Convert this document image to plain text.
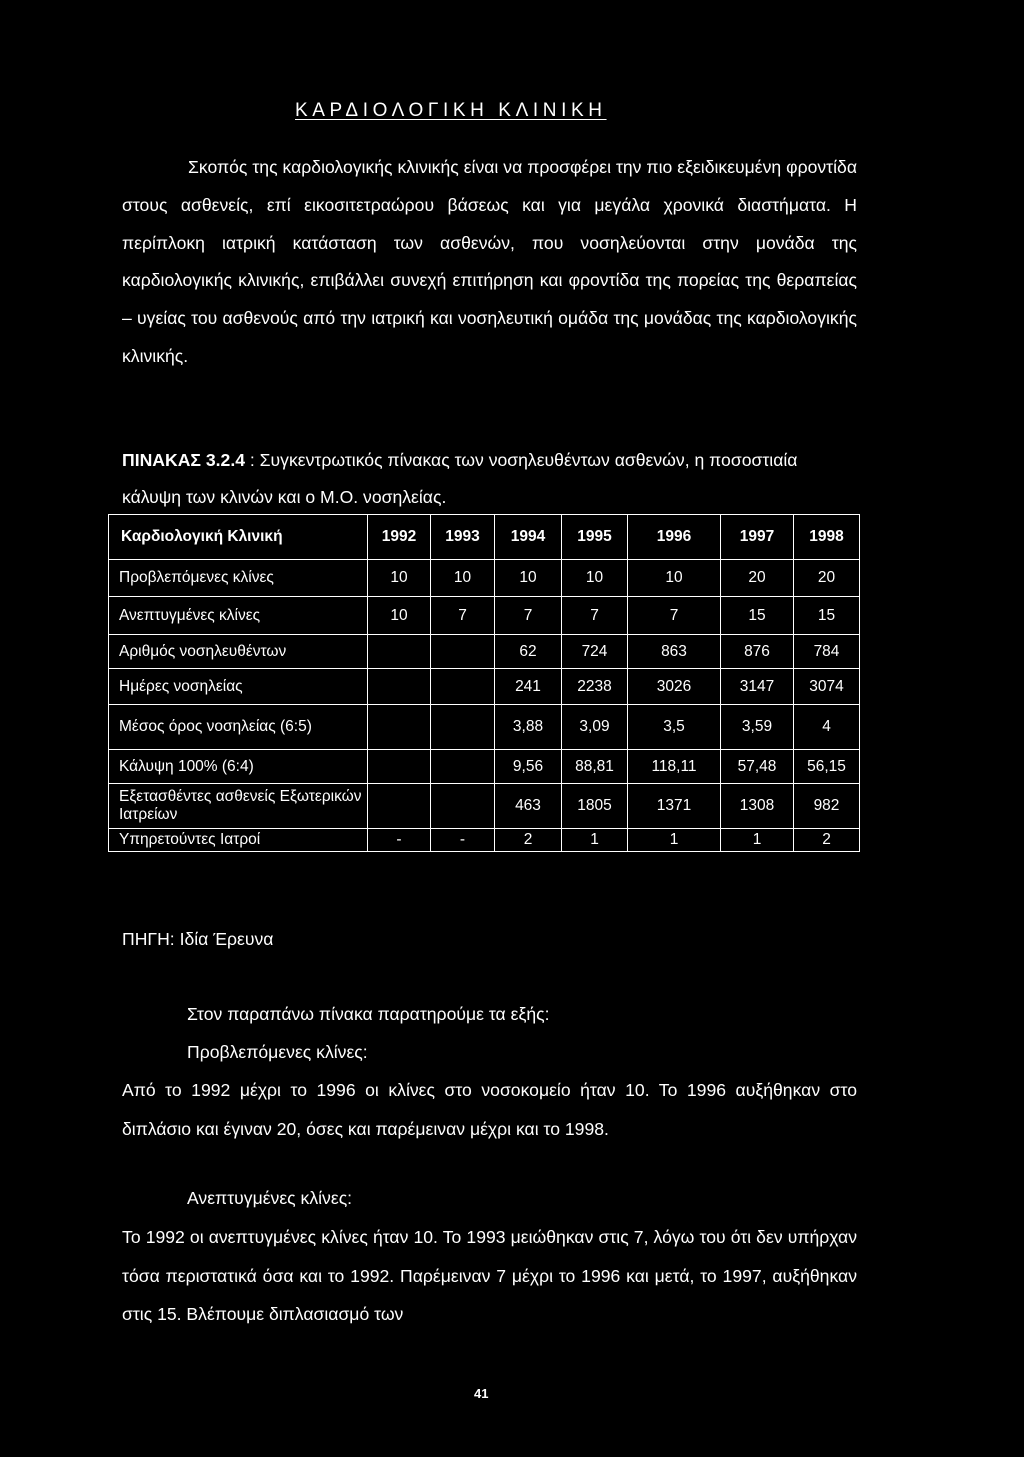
ΚΑΡΔΙΟΛΟΓΙΚΗ ΚΛΙΝΙΚΗ

Σκοπός της καρδιολογικής κλινικής είναι να προσφέρει την πιο εξειδικευμένη φροντίδα στους ασθενείς, επί εικοσιτετραώρου βάσεως και για μεγάλα χρονικά διαστήματα. Η περίπλοκη ιατρική κατάσταση των ασθενών, που νοσηλεύονται στην μονάδα της καρδιολογικής κλινικής, επιβάλλει συνεχή επιτήρηση και φροντίδα της πορείας της θεραπείας – υγείας του ασθενούς από την ιατρική και νοσηλευτική ομάδα της μονάδας της καρδιολογικής κλινικής.

ΠΙΝΑΚΑΣ 3.2.4 : Συγκεντρωτικός πίνακας των νοσηλευθέντων ασθενών, η ποσοστιαία κάλυψη των κλινών και ο Μ.Ο. νοσηλείας.

Καρδιολογική Κλινική	1992	1993	1994	1995	1996	1997	1998
Προβλεπόμενες κλίνες	10	10	10	10	10	20	20
Ανεπτυγμένες κλίνες	10	7	7	7	7	15	15
Αριθμός νοσηλευθέντων			62	724	863	876	784
Ημέρες νοσηλείας			241	2238	3026	3147	3074
Μέσος όρος νοσηλείας (6:5)			3,88	3,09	3,5	3,59	4
Κάλυψη 100% (6:4)			9,56	88,81	118,11	57,48	56,15
Εξετασθέντες ασθενείς Εξωτερικών Ιατρείων			463	1805	1371	1308	982
Υπηρετούντες Ιατροί	-	-	2	1	1	1	2
ΠΗΓΗ: Ιδία Έρευνα
Στον παραπάνω πίνακα παρατηρούμε τα εξής:
Προβλεπόμενες κλίνες:

Από το 1992 μέχρι το 1996 οι κλίνες στο νοσοκομείο ήταν 10. Το 1996 αυξήθηκαν στο διπλάσιο και έγιναν 20, όσες και παρέμειναν μέχρι και το 1998.

Ανεπτυγμένες κλίνες:

Το 1992 οι ανεπτυγμένες κλίνες ήταν 10. Το 1993 μειώθηκαν στις 7, λόγω του ότι δεν υπήρχαν τόσα περιστατικά όσα και το 1992. Παρέμειναν 7 μέχρι το 1996 και μετά, το 1997, αυξήθηκαν στις 15. Βλέπουμε διπλασιασμό των

41
